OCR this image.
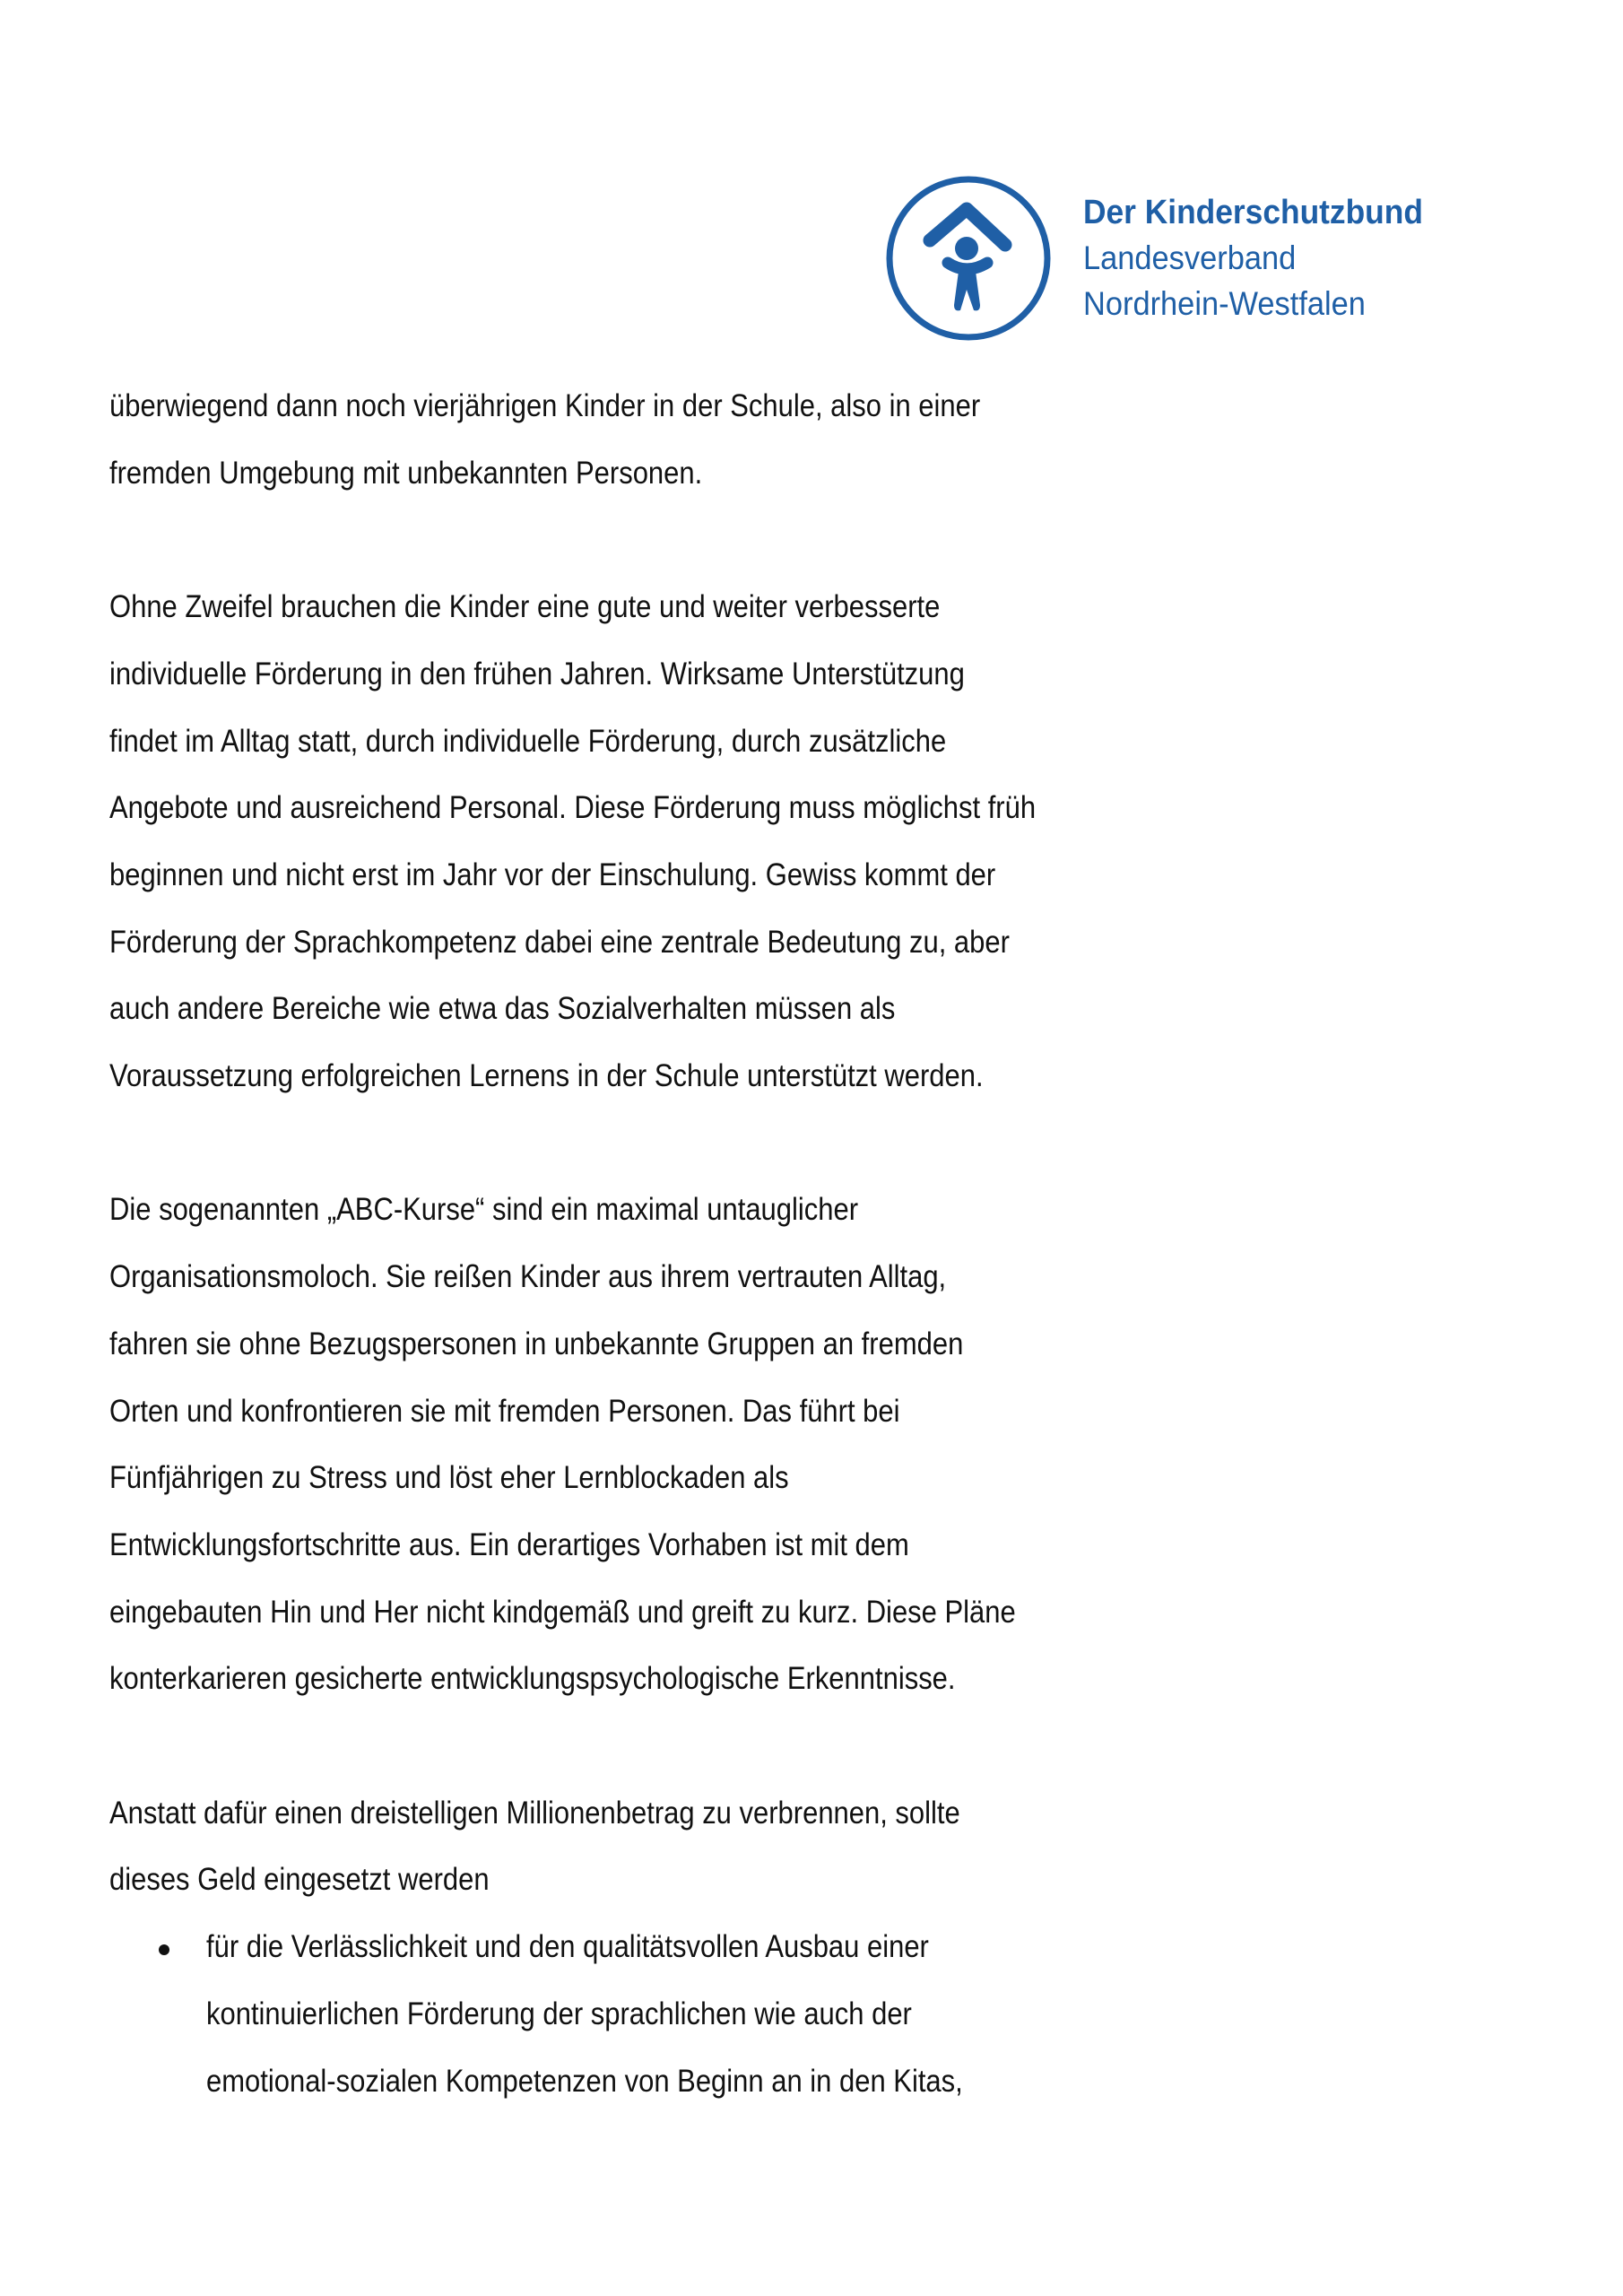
Der Kinderschutzbund
Landesverband
Nordrhein-Westfalen
überwiegend dann noch vierjährigen Kinder in der Schule, also in einer
fremden Umgebung mit unbekannten Personen.
Ohne Zweifel brauchen die Kinder eine gute und weiter verbesserte
individuelle Förderung in den frühen Jahren. Wirksame Unterstützung
findet im Alltag statt, durch individuelle Förderung, durch zusätzliche
Angebote und ausreichend Personal. Diese Förderung muss möglichst früh
beginnen und nicht erst im Jahr vor der Einschulung. Gewiss kommt der
Förderung der Sprachkompetenz dabei eine zentrale Bedeutung zu, aber
auch andere Bereiche wie etwa das Sozialverhalten müssen als
Voraussetzung erfolgreichen Lernens in der Schule unterstützt werden.
Die sogenannten „ABC-Kurse“ sind ein maximal untauglicher
Organisationsmoloch. Sie reißen Kinder aus ihrem vertrauten Alltag,
fahren sie ohne Bezugspersonen in unbekannte Gruppen an fremden
Orten und konfrontieren sie mit fremden Personen. Das führt bei
Fünfjährigen zu Stress und löst eher Lernblockaden als
Entwicklungsfortschritte aus. Ein derartiges Vorhaben ist mit dem
eingebauten Hin und Her nicht kindgemäß und greift zu kurz. Diese Pläne
konterkarieren gesicherte entwicklungspsychologische Erkenntnisse.
Anstatt dafür einen dreistelligen Millionenbetrag zu verbrennen, sollte
dieses Geld eingesetzt werden
für die Verlässlichkeit und den qualitätsvollen Ausbau einer
kontinuierlichen Förderung der sprachlichen wie auch der
emotional-sozialen Kompetenzen von Beginn an in den Kitas,
